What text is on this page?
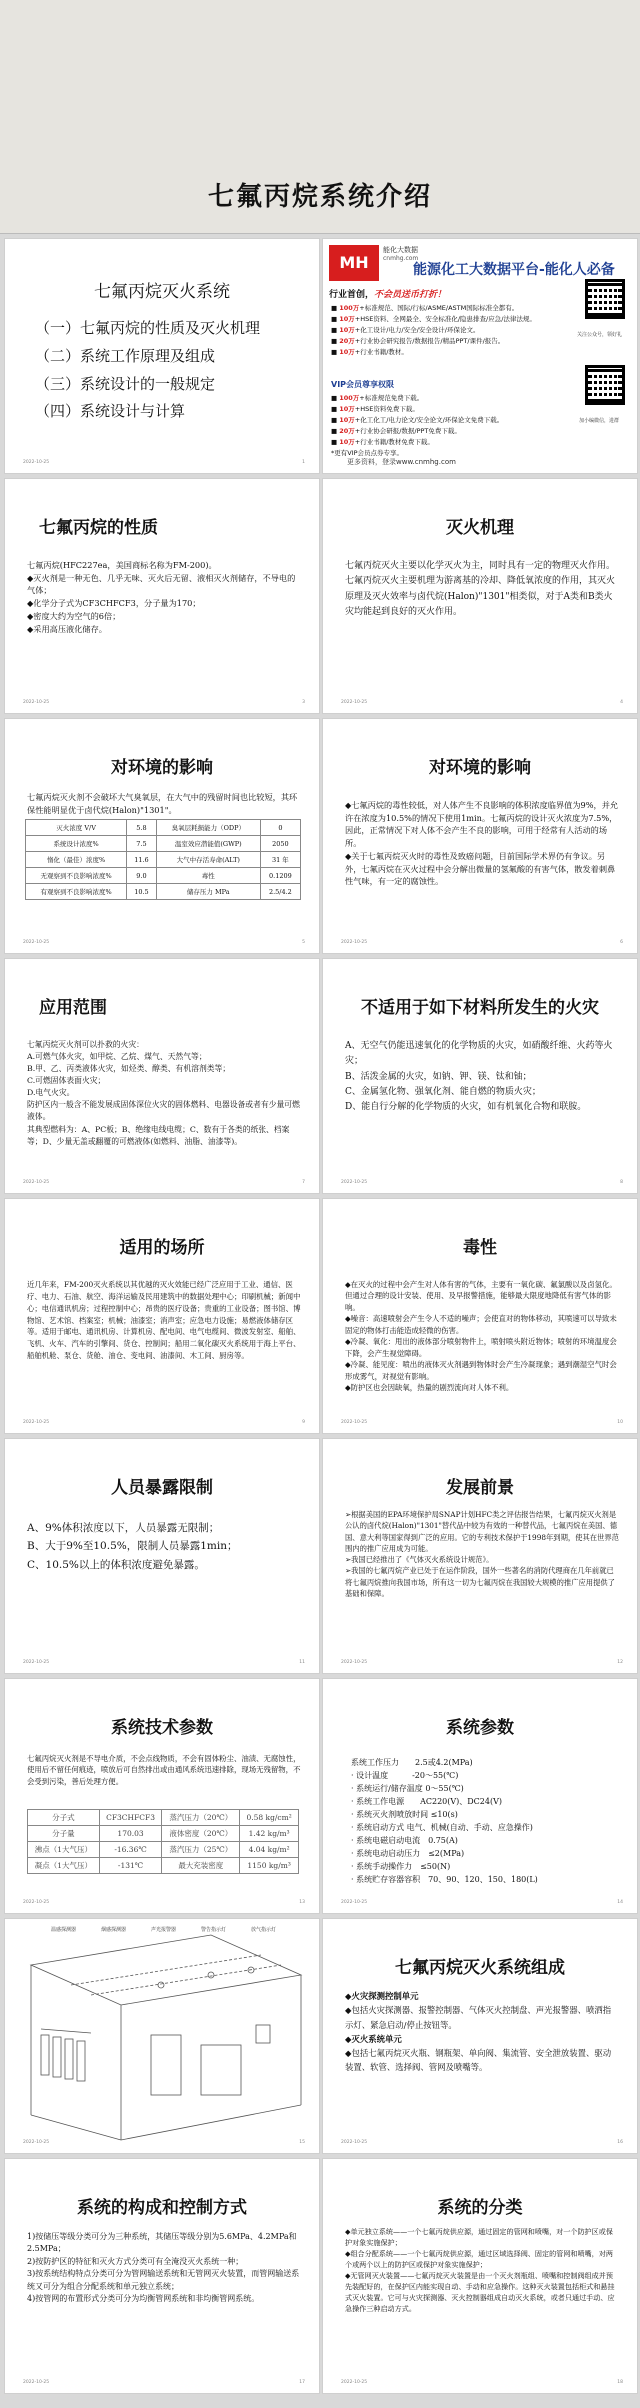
七氟丙烷系统介绍
七氟丙烷灭火系统
（一）七氟丙烷的性质及灭火机理
（二）系统工作原理及组成
（三）系统设计的一般规定
（四）系统设计与计算
2022-10-25	1
MH
能化大数据
cnmhg.com
能源化工大数据平台-能化人必备
行业首创，不会员送币打折！
■ 100万+标准规范、国际/行标/ASME/ASTM国际标准全都有。
■ 10万+HSE资料、全网最全、安全标准化/隐患排查/应急/法律法规。
■ 10万+化工设计/电力/安全/安全设计/环保论文。
■ 20万+行业协会研究报告/数据报告/精品PPT/课件/报告。
■ 10万+行业书籍/教材。
VIP会员尊享权限
■ 100万+标准规范免费下载。
■ 10万+HSE资料免费下载。
■ 10万+化工化工/电力论文/安全论文/环保论文免费下载。
■ 20万+行业协会研报/数据/PPT免费下载。
■ 10万+行业书籍/教材免费下载。
*更有VIP会员点券专享。
更多资料，登录www.cnmhg.com
关注公众号，领好礼
加小编微信，进群
七氟丙烷的性质

七氟丙烷(HFC227ea，美国商标名称为FM-200)。

◆灭火剂是一种无色、几乎无味、灭火后无留、液相灭火剂储存，不导电的气体；

◆化学分子式为CF3CHFCF3，分子量为170；

◆密度大约为空气的6倍；

◆采用高压液化储存。

2022-10-25	3
灭火机理

七氟丙烷灭火主要以化学灭火为主，同时具有一定的物理灭火作用。七氟丙烷灭火主要机理为游离基的冷却、降低氧浓度的作用，其灭火原理及灭火效率与卤代烷(Halon)"1301"相类似，对于A类和B类火灾均能起到良好的灭火作用。

2022-10-25	4
对环境的影响

七氟丙烷灭火剂不会破坏大气臭氧层，在大气中的残留时间也比较短，其环保性能明显优于卤代烷(Halon)"1301"。

灭火浓度 V/V	5.8	臭氧层耗损能力（ODP）	0
系统设计浓度%	7.5	温室效应潜能值(GWP)	2050
惰化（最佳）浓度%	11.6	大气中存活寿命(ALT)	31 年
无观察到不良影响浓度%	9.0	毒性	0.1209
有观察到不良影响浓度%	10.5	储存压力 MPa	2.5/4.2
2022-10-25	5
对环境的影响

◆七氟丙烷的毒性较低，对人体产生不良影响的体积浓度临界值为9%，并允许在浓度为10.5%的情况下使用1min。七氟丙烷的设计灭火浓度为7.5%，因此，正常情况下对人体不会产生不良的影响，可用于经常有人活动的场所。

◆关于七氟丙烷灭火时的毒性及致癌问题，目前国际学术界仍有争议。另外，七氟丙烷在灭火过程中会分解出微量的氢氟酸的有害气体，散发着刺鼻性气味，有一定的腐蚀性。

2022-10-25	6
应用范围

七氟丙烷灭火剂可以扑救的火灾：

A.可燃气体火灾，如甲烷、乙烷、煤气、天然气等；

B.甲、乙、丙类液体火灾，如烃类、醇类、有机溶剂类等；

C.可燃固体表面火灾；

D.电气火灾。

防护区内一般含不能发展成固体深位火灾的固体燃料、电器设备或者有少量可燃液体。

其典型燃料为：A、PC板；B、绝缘电线电缆；C、数有于各类的纸张、档案等；D、少量无盖或翻覆的可燃液体(如燃料、油脂、油漆等)。

2022-10-25	7
不适用于如下材料所发生的火灾

A、无空气仍能迅速氧化的化学物质的火灾，如硝酸纤维、火药等火灾；

B、活泼金属的火灾，如钠、钾、镁、钛和铀；

C、金属氢化物、强氧化剂、能自燃的物质火灾；

D、能自行分解的化学物质的火灾，如有机氧化合物和联胺。

2022-10-25	8
适用的场所

近几年来，FM-200灭火系统以其优越的灭火效能已经广泛应用于工业、通信、医疗、电力、石油、航空、海洋运输及民用建筑中的数据处理中心；印刷机械；新闻中心；电信通讯机房；过程控制中心；昂贵的医疗设备；贵重的工业设备；图书馆、博物馆、艺术馆、档案室；机械；油漆室；消声室；应急电力设施；易燃液体储存区等。适用于邮电、通讯机房、计算机房、配电间、电气电缆间、微波发射室、船舶、飞机、火车、汽车的引擎间、货仓、控制间；船用二氧化碳灭火系统用于海上平台、船舶机舱、泵仓、货舱、油仓、变电间、油漆间、木工间、厨房等。

2022-10-25	9
毒性

◆在灭火的过程中会产生对人体有害的气体，主要有一氧化碳、氟氯酸以及卤氢化。但通过合理的设计安装、使用、及早报警措施，能够最大限度地降低有害气体的影响。

◆噪音：高速喷射会产生令人不适的噪声；会使直对的物体移动，其喷速可以导致未固定的物体打击能造成轻微的伤害。

◆冷凝、氧化：甩出的液体部分喷射物件上，喷射喷头附近物体；喷射的环境温度会下降，会产生视觉障碍。

◆冷凝、能见度：喷出的液体灭火剂遇到物体时会产生冷凝现象；遇到潮湿空气时会形成雾气，对视觉有影响。

◆防护区也会因缺氧，热量的剧烈流向对人体不利。

2022-10-25	10
人员暴露限制

A、9%体积浓度以下，人员暴露无限制；

B、大于9%至10.5%，限制人员暴露1min；

C、10.5%以上的体积浓度避免暴露。

2022-10-25	11
发展前景

➢根据美国的EPA环境保护局SNAP计划HFC类之评估报告结果，七氟丙烷灭火剂是公认的卤代烷(Halon)"1301"替代品中较为有效的一种替代品，七氟丙烷在美国、德国、意大利等国家得到广泛的应用。它的专利技术保护于1998年到期，使其在世界范围内的推广应用成为可能。

➢我国已经推出了《气体灭火系统设计规范》。

➢我国的七氟丙烷产业已处于在运作阶段，国外一些著名的消防代理商在几年前就已将七氟丙烷推向我国市场，所有这一切为七氟丙烷在我国较大规模的推广应用提供了基础和保障。

2022-10-25	12
系统技术参数

七氟丙烷灭火剂是不导电介质，不会点线物质，不会有固体粉尘、油渍、无腐蚀性，使用后不留任何痕迹，喷放后可自然排出或由通风系统迅速排除，现场无残留物，不会受到污染，善后处理方便。

分子式	CF3CHFCF3	蒸汽压力（20℃）	0.58 kg/cm²
分子量	170.03	液体密度（20℃）	1.42 kg/m³
沸点（1大气压）	-16.36℃	蒸汽压力（25℃）	4.04 kg/m²
凝点（1大气压）	-131℃	最大充装密度	1150 kg/m³
2022-10-25	13
系统参数
系统工作压力　　2.5或4.2(MPa)
· 设计温度　　　-20～55(℃)
· 系统运行/储存温度 0～55(℃)
· 系统工作电源　　AC220(V)、DC24(V)
· 系统灭火剂喷放时间 ≤10(s)
· 系统启动方式 电气、机械(自动、手动、应急操作)
· 系统电磁启动电流　0.75(A)
· 系统电动启动压力　≤2(MPa)
· 系统手动操作力　≤50(N)
· 系统贮存容器容积　70、90、120、150、180(L)
2022-10-25	14
温感探测器	烟感探测器	声光报警器	警告指示灯	放气指示灯
2022-10-25	15
七氟丙烷灭火系统组成

◆火灾探测控制单元

◆包括火灾探测器、报警控制器、气体灭火控制盘、声光报警器、喷洒指示灯、紧急启动/停止按钮等。

◆灭火系统单元

◆包括七氟丙烷灭火瓶、钢瓶架、单向阀、集流管、安全泄放装置、驱动装置、软管、选择阀、管网及喷嘴等。

2022-10-25	16
系统的构成和控制方式

1)按储压等级分类可分为三种系统，其储压等级分别为5.6MPa、4.2MPa和2.5MPa；

2)按防护区的特征和灭火方式分类可有全淹没灭火系统一种；

3)按系统结构特点分类可分为管网输送系统和无管网灭火装置，而管网输送系统又可分为组合分配系统和单元独立系统；

4)按管网的布置形式分类可分为均衡管网系统和非均衡管网系统。

2022-10-25	17
系统的分类

◆单元独立系统——一个七氟丙烷供应源，通过固定的管网和喷嘴，对一个防护区或保护对象实施保护；

◆组合分配系统——一个七氟丙烷供应源，通过区域选择阀、固定的管网和喷嘴，对两个或两个以上的防护区或保护对象实施保护；

◆无管网灭火装置——七氟丙烷灭火装置是由一个灭火剂瓶组、喷嘴和控制阀组成并预先装配好的，在保护区内能实现自动、手动和应急操作。这种灭火装置包括柜式和悬挂式灭火装置。它可与火灾探测器、灭火控制器组成自动灭火系统，或者只通过手动、应急操作三种启动方式。

2022-10-25	18
